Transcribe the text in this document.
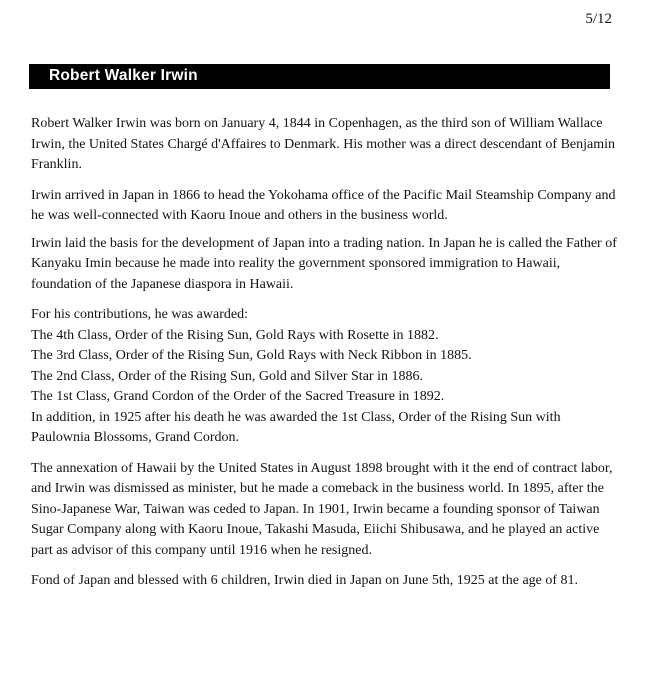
5/12
Robert Walker Irwin

Robert Walker Irwin was born on January 4, 1844 in Copenhagen, as the third son of William Wallace Irwin, the United States Chargé d'Affaires to Denmark. His mother was a direct descendant of Benjamin Franklin.

Irwin arrived in Japan in 1866 to head the Yokohama office of the Pacific Mail Steamship Company and he was well-connected with Kaoru Inoue and others in the business world.

Irwin laid the basis for the development of Japan into a trading nation. In Japan he is called the Father of Kanyaku Imin because he made into reality the government sponsored immigration to Hawaii, foundation of the Japanese diaspora in Hawaii.

For his contributions, he was awarded:
The 4th Class, Order of the Rising Sun, Gold Rays with Rosette in 1882.
The 3rd Class, Order of the Rising Sun, Gold Rays with Neck Ribbon in 1885.
The 2nd Class, Order of the Rising Sun, Gold and Silver Star in 1886.
The 1st Class, Grand Cordon of the Order of the Sacred Treasure in 1892.
In addition, in 1925 after his death he was awarded the 1st Class, Order of the Rising Sun with Paulownia Blossoms, Grand Cordon.

The annexation of Hawaii by the United States in August 1898 brought with it the end of contract labor, and Irwin was dismissed as minister, but he made a comeback in the business world. In 1895, after the Sino-Japanese War, Taiwan was ceded to Japan. In 1901, Irwin became a founding sponsor of Taiwan Sugar Company along with Kaoru Inoue, Takashi Masuda, Eiichi Shibusawa, and he played an active part as advisor of this company until 1916 when he resigned.

Fond of Japan and blessed with 6 children, Irwin died in Japan on June 5th, 1925 at the age of 81.
